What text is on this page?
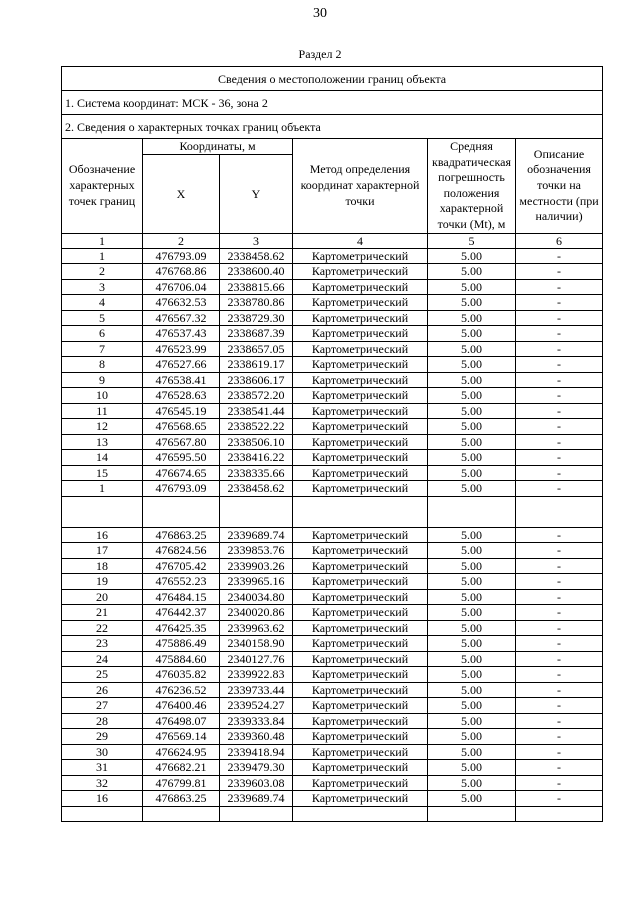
30
Раздел 2
Сведения о местоположении границ объекта					
1. Система координат: МСК - 36, зона 2					
2. Сведения о характерных точках границ объекта					
Обозначение характерных точек границ	Координаты, м		Метод определения координат характерной точки	Средняя квадратическая погрешность положения характерной точки (Mt), м	Описание обозначения точки на местности (при наличии)
	X	Y			
1	2	3	4	5	6
1	476793.09	2338458.62	Картометрический	5.00	-
2	476768.86	2338600.40	Картометрический	5.00	-
3	476706.04	2338815.66	Картометрический	5.00	-
4	476632.53	2338780.86	Картометрический	5.00	-
5	476567.32	2338729.30	Картометрический	5.00	-
6	476537.43	2338687.39	Картометрический	5.00	-
7	476523.99	2338657.05	Картометрический	5.00	-
8	476527.66	2338619.17	Картометрический	5.00	-
9	476538.41	2338606.17	Картометрический	5.00	-
10	476528.63	2338572.20	Картометрический	5.00	-
11	476545.19	2338541.44	Картометрический	5.00	-
12	476568.65	2338522.22	Картометрический	5.00	-
13	476567.80	2338506.10	Картометрический	5.00	-
14	476595.50	2338416.22	Картометрический	5.00	-
15	476674.65	2338335.66	Картометрический	5.00	-
1	476793.09	2338458.62	Картометрический	5.00	-

16	476863.25	2339689.74	Картометрический	5.00	-
17	476824.56	2339853.76	Картометрический	5.00	-
18	476705.42	2339903.26	Картометрический	5.00	-
19	476552.23	2339965.16	Картометрический	5.00	-
20	476484.15	2340034.80	Картометрический	5.00	-
21	476442.37	2340020.86	Картометрический	5.00	-
22	476425.35	2339963.62	Картометрический	5.00	-
23	475886.49	2340158.90	Картометрический	5.00	-
24	475884.60	2340127.76	Картометрический	5.00	-
25	476035.82	2339922.83	Картометрический	5.00	-
26	476236.52	2339733.44	Картометрический	5.00	-
27	476400.46	2339524.27	Картометрический	5.00	-
28	476498.07	2339333.84	Картометрический	5.00	-
29	476569.14	2339360.48	Картометрический	5.00	-
30	476624.95	2339418.94	Картометрический	5.00	-
31	476682.21	2339479.30	Картометрический	5.00	-
32	476799.81	2339603.08	Картометрический	5.00	-
16	476863.25	2339689.74	Картометрический	5.00	-
